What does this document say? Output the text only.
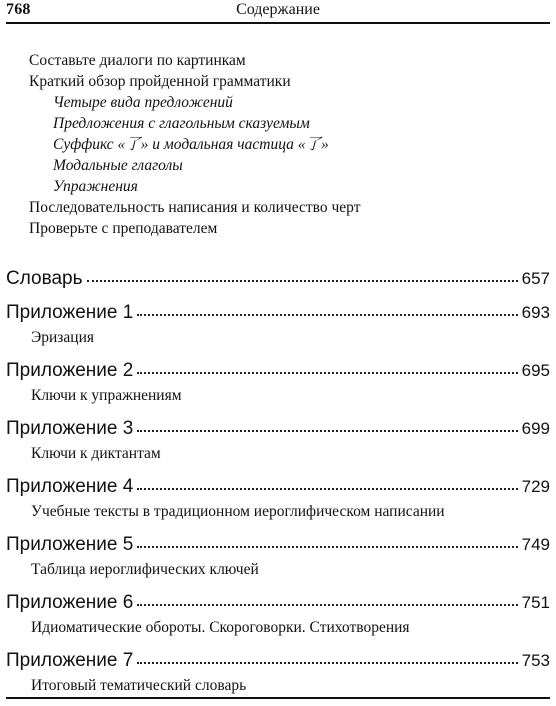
768	Содержание
Составьте диалоги по картинкам
Краткий обзор пройденной грамматики
Четыре вида предложений
Предложения с глагольным сказуемым
Суффикс «了» и модальная частица «了»
Модальные глаголы
Упражнения
Последовательность написания и количество черт
Проверьте с преподавателем
Словарь	657
Приложение 1	693
Эризация
Приложение 2	695
Ключи к упражнениям
Приложение 3	699
Ключи к диктантам
Приложение 4	729
Учебные тексты в традиционном иероглифическом написании
Приложение 5	749
Таблица иероглифических ключей
Приложение 6	751
Идиоматические обороты. Скороговорки. Стихотворения
Приложение 7	753
Итоговый тематический словарь
